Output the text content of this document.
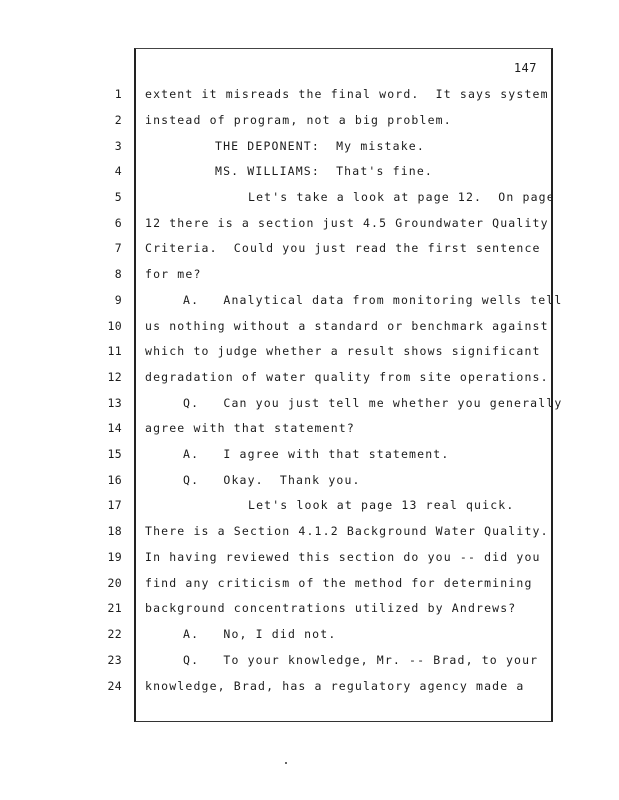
147
1 extent it misreads the final word.  It says system
2 instead of program, not a big problem.
3	THE DEPONENT:  My mistake.
4	MS. WILLIAMS:  That's fine.
5	Let's take a look at page 12.  On page
6 12 there is a section just 4.5 Groundwater Quality
7 Criteria.  Could you just read the first sentence
8 for me?
9	A.   Analytical data from monitoring wells tell
10 us nothing without a standard or benchmark against
11 which to judge whether a result shows significant
12 degradation of water quality from site operations.
13	Q.   Can you just tell me whether you generally
14 agree with that statement?
15	A.   I agree with that statement.
16	Q.   Okay.  Thank you.
17	Let's look at page 13 real quick.
18 There is a Section 4.1.2 Background Water Quality.
19 In having reviewed this section do you -- did you
20 find any criticism of the method for determining
21 background concentrations utilized by Andrews?
22	A.   No, I did not.
23	Q.   To your knowledge, Mr. -- Brad, to your
24 knowledge, Brad, has a regulatory agency made a
